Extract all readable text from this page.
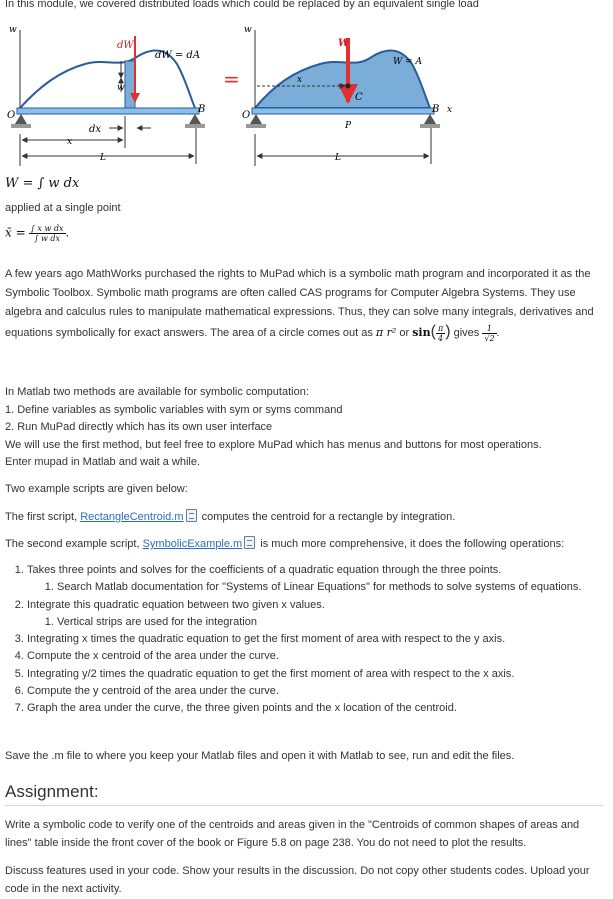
In this module, we covered distributed loads which could be replaced by an equivalent single load
w
dW
dW = dA
w
dx
x
L
O
B
=
w
W
W = A
x
C
P
L
O
B x
W = ∫ w dx
applied at a single point
x̄ = $\frac{\text{∫ x w dx}}{\text{∫ w dx}}$ .
A few years ago MathWorks purchased the rights to MuPad which is a symbolic math program and incorporated it as the Symbolic Toolbox. Symbolic math programs are often called CAS programs for Computer Algebra Systems. They use algebra and calculus rules to manipulate mathematical expressions. Thus, they can solve many integrals, derivatives and equations symbolically for exact answers. The area of a circle comes out as π r² or $\sin( \frac{\pi}{4}$ ) gives $\frac{1}{√2}$ .

In Matlab two methods are available for symbolic computation:

1. Define variables as symbolic variables with sym or syms command

2. Run MuPad directly which has its own user interface

We will use the first method, but feel free to explore MuPad which has menus and buttons for most operations.

Enter mupad in Matlab and wait a while.

Two example scripts are given below:
The first script, RectangleCentroid.m computes the centroid for a rectangle by integration.
The second example script, SymbolicExample.m is much more comprehensive, it does the following operations:
1. Takes three points and solves for the coefficients of a quadratic equation through the three points.
1. Search Matlab documentation for "Systems of Linear Equations" for methods to solve systems of equations.
2. Integrate this quadratic equation between two given x values.
1. Vertical strips are used for the integration
3. Integrating x times the quadratic equation to get the first moment of area with respect to the y axis.
4. Compute the x centroid of the area under the curve.
5. Integrating y/2 times the quadratic equation to get the first moment of area with respect to the x axis.
6. Compute the y centroid of the area under the curve.
7. Graph the area under the curve, the three given points and the x location of the centroid.
Save the .m file to where you keep your Matlab files and open it with Matlab to see, run and edit the files.
Assignment:
Write a symbolic code to verify one of the centroids and areas given in the "Centroids of common shapes of areas and lines" table inside the front cover of the book or Figure 5.8 on page 238. You do not need to plot the results.
Discuss features used in your code. Show your results in the discussion. Do not copy other students codes. Upload your code in the next activity.
